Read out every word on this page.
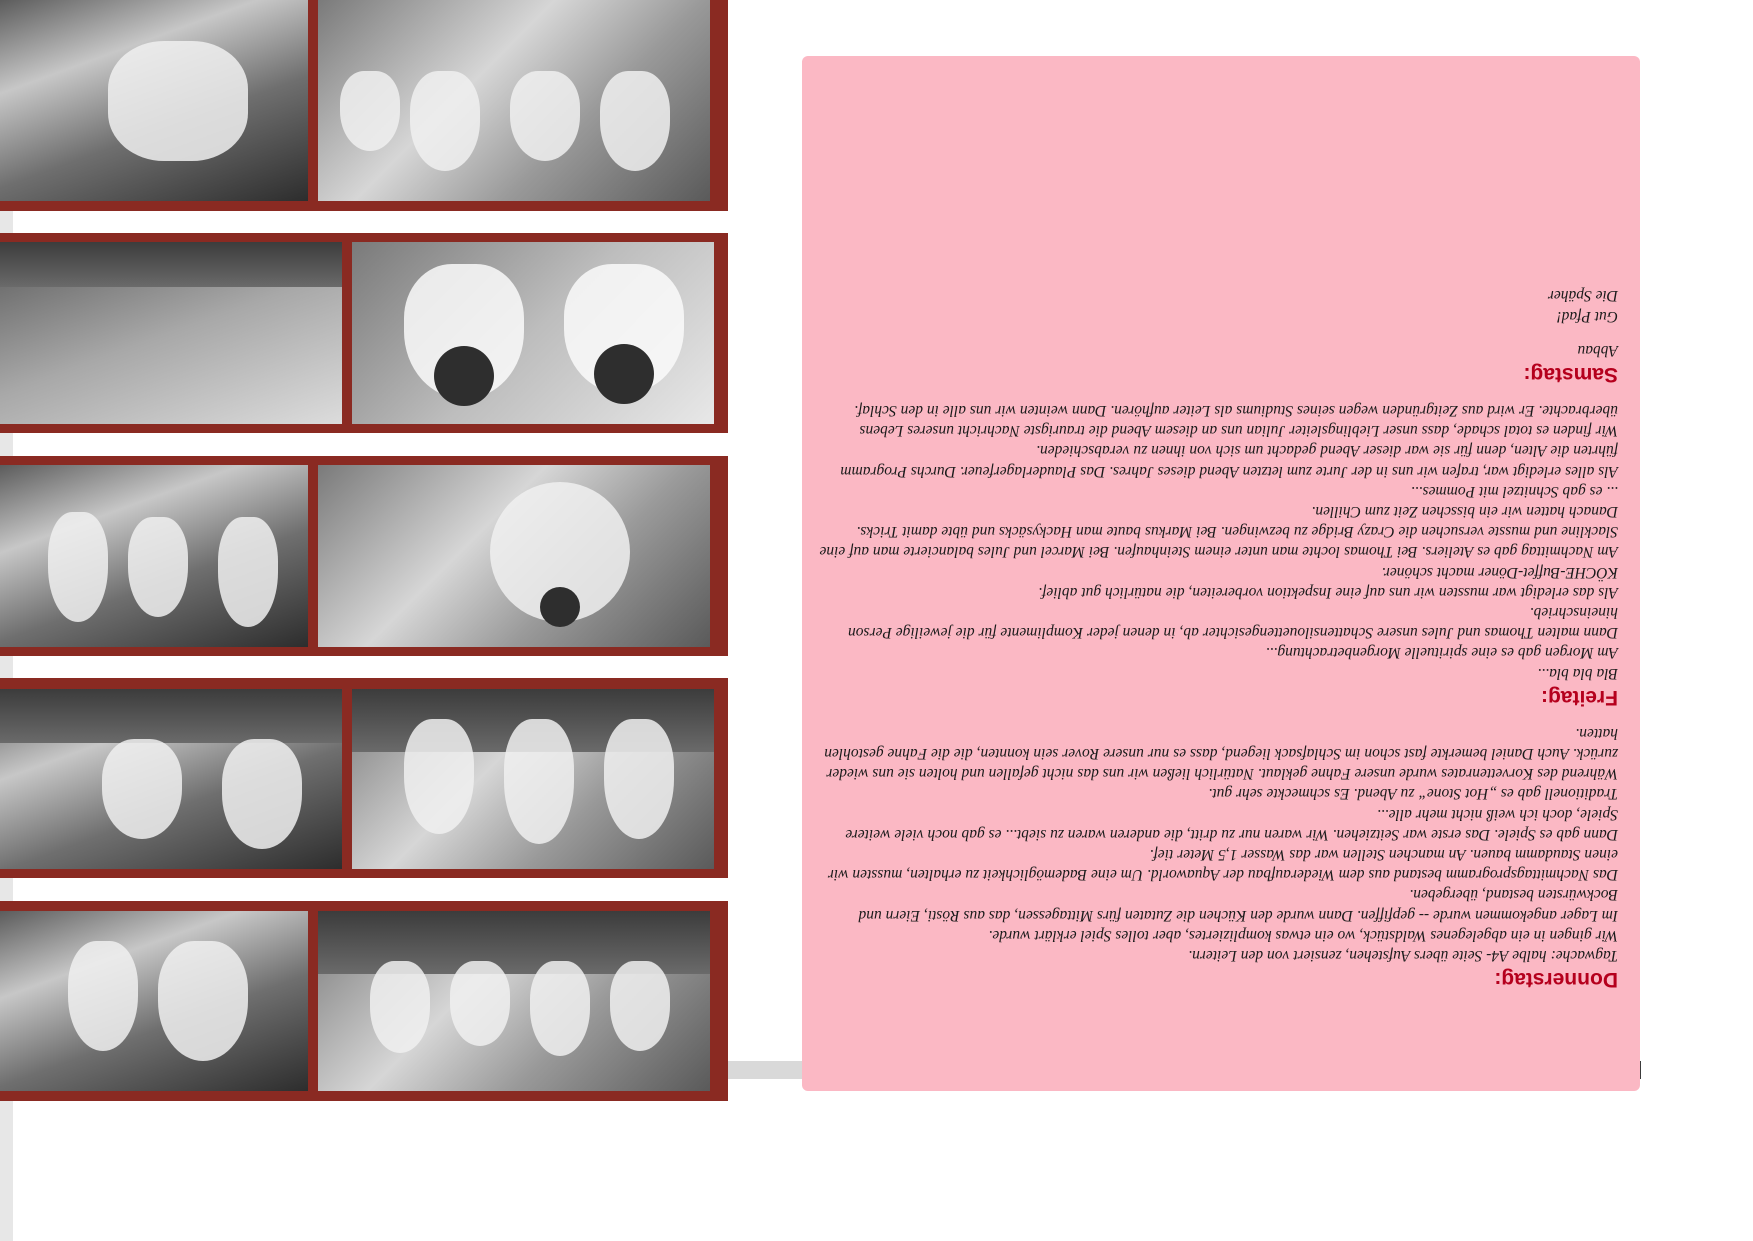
Donnerstag:
Tagwache: halbe A4- Seite übers Aufstehen, zensiert von den Leitern.
Wir gingen in ein abgelegenes Waldstück, wo ein etwas kompliziertes, aber tolles Spiel erklärt wurde.
Im Lager angekommen wurde -- gepfiffen. Dann wurde den Küchen die Zutaten fürs Mittagessen, das aus Rösti, Eiern und Bockwürsten bestand, übergeben.
Das Nachmittagsprogramm bestand aus dem Wiederaufbau der Aquaworld. Um eine Bademöglichkeit zu erhalten, mussten wir einen Staudamm bauen. An manchen Stellen war das Wasser 1,5 Meter tief.
Dann gab es Spiele. Das erste war Seitziehen. Wir waren nur zu dritt, die anderen waren zu siebt... es gab noch viele weitere Spiele, doch ich weiß nicht mehr alle...
Traditionell gab es „Hot Stone“ zu Abend. Es schmeckte sehr gut.
Während des Korvettenrates wurde unsere Fahne geklaut. Natürlich ließen wir uns das nicht gefallen und holten sie uns wieder zurück. Auch Daniel bemerkte fast schon im Schlafsack liegend, dass es nur unsere Rover sein konnten, die die Fahne gestohlen hatten.
Freitag:
Bla bla bla...
Am Morgen gab es eine spirituelle Morgenbetrachtung...
Dann malten Thomas und Jules unsere Schattensilouettengesichter ab, in denen jeder Komplimente für die jeweilige Person hineinschrieb.
Als das erledigt war mussten wir uns auf eine Inspektion vorbereiten, die natürlich gut ablief.
KÖCHE-Buffet-Döner macht schöner.
Am Nachmittag gab es Ateliers. Bei Thomas lochte man unter einem Steinhaufen. Bei Marcel und Jules balancierte man auf eine Slackline und musste versuchen die Crazy Bridge zu bezwingen. Bei Markus baute man Hackysäcks und übte damit Tricks.
Danach hatten wir ein bisschen Zeit zum Chillen.
... es gab Schnitzel mit Pommes...
Als alles erledigt war, trafen wir uns in der Jurte zum letzten Abend dieses Jahres. Das Plauderlagerfeuer. Durchs Programm führten die Alten, denn für sie war dieser Abend gedacht um sich von ihnen zu verabschieden.
Wir finden es total schade, dass unser Lieblingsleiter Julian uns an diesem Abend die traurigste Nachricht unseres Lebens überbrachte. Er wird aus Zeitgründen wegen seines Studiums als Leiter aufhören. Dann weinten wir uns alle in den Schlaf.
Samstag:
Abbau
Gut Pfad!
Die Späher
